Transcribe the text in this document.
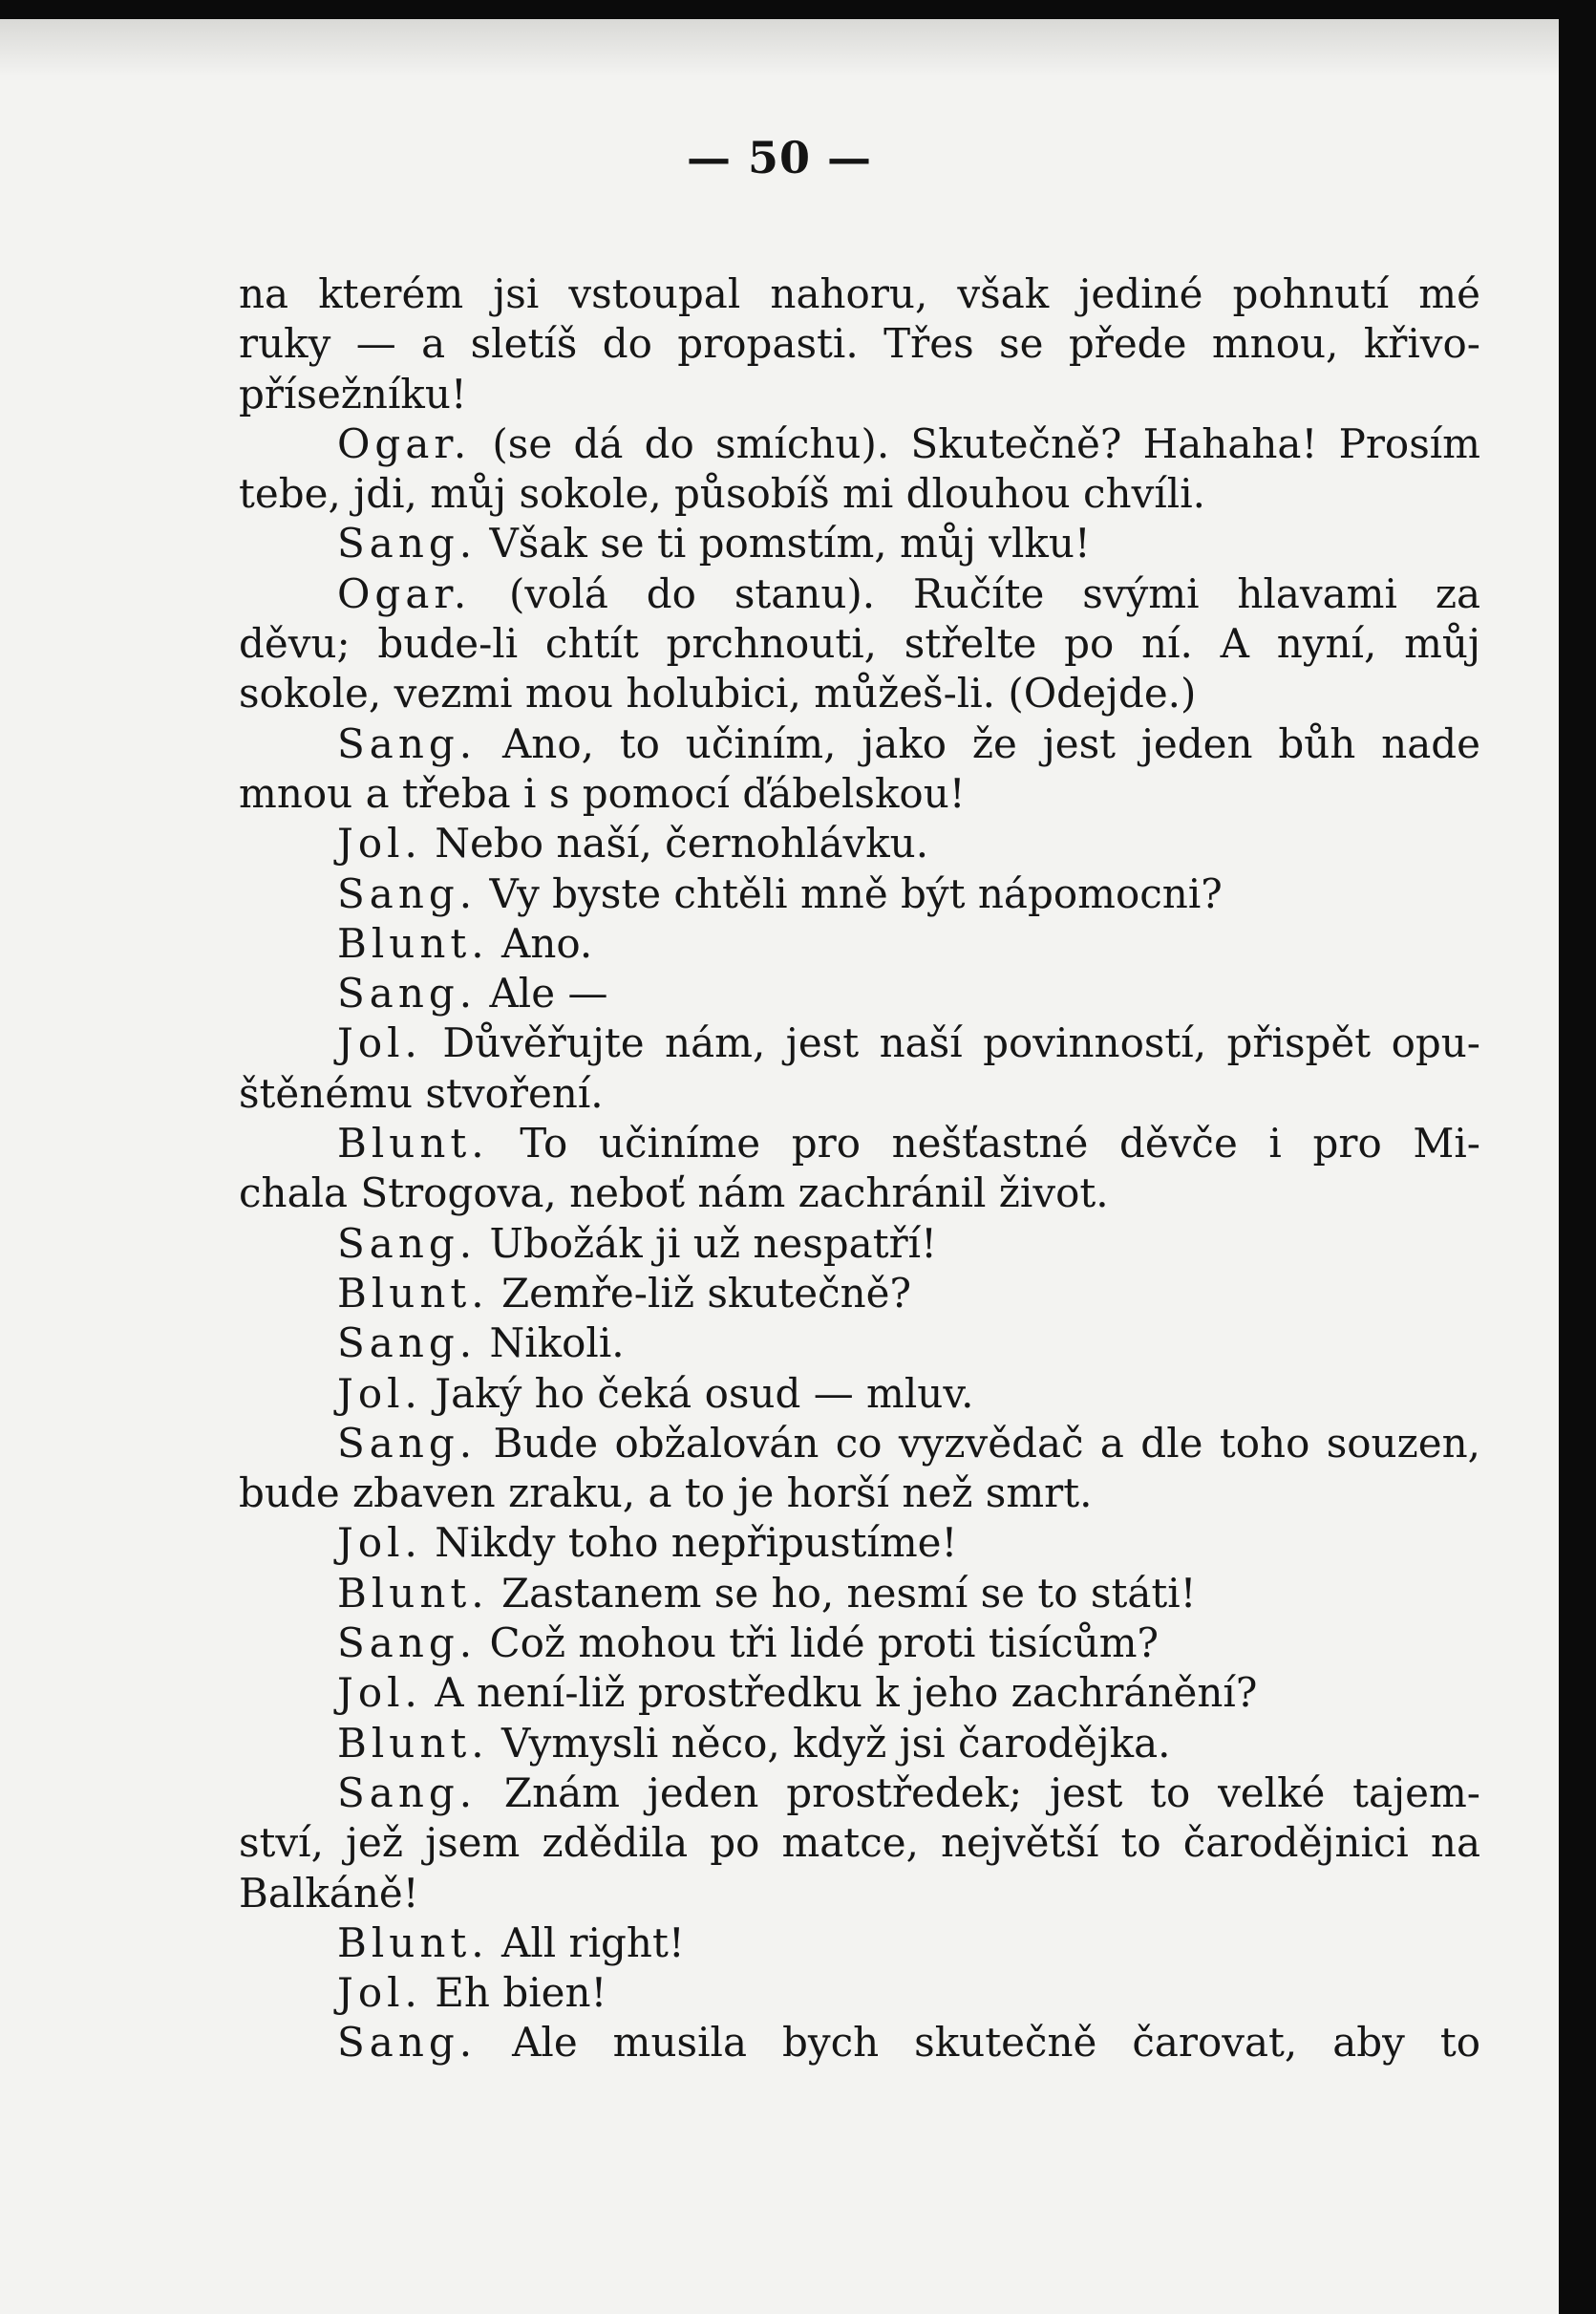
— 50 —
na kterém jsi vstoupal nahoru, však jediné pohnutí mé
ruky — a sletíš do propasti. Třes se přede mnou, křivo-
přísežníku!
Ogar. (se dá do smíchu). Skutečně? Hahaha! Prosím
tebe, jdi, můj sokole, působíš mi dlouhou chvíli.
Sang. Však se ti pomstím, můj vlku!
Ogar. (volá do stanu). Ručíte svými hlavami za
děvu; bude-li chtít prchnouti, střelte po ní. A nyní, můj
sokole, vezmi mou holubici, můžeš-li. (Odejde.)
Sang. Ano, to učiním, jako že jest jeden bůh nade
mnou a třeba i s pomocí ďábelskou!
Jol. Nebo naší, černohlávku.
Sang. Vy byste chtěli mně být nápomocni?
Blunt. Ano.
Sang. Ale —
Jol. Důvěřujte nám, jest naší povinností, přispět opu-
štěnému stvoření.
Blunt. To učiníme pro nešťastné děvče i pro Mi-
chala Strogova, neboť nám zachránil život.
Sang. Ubožák ji už nespatří!
Blunt. Zemře-liž skutečně?
Sang. Nikoli.
Jol. Jaký ho čeká osud — mluv.
Sang. Bude obžalován co vyzvědač a dle toho souzen,
bude zbaven zraku, a to je horší než smrt.
Jol. Nikdy toho nepřipustíme!
Blunt. Zastanem se ho, nesmí se to státi!
Sang. Což mohou tři lidé proti tisícům?
Jol. A není-liž prostředku k jeho zachránění?
Blunt. Vymysli něco, když jsi čarodějka.
Sang. Znám jeden prostředek; jest to velké tajem-
ství, jež jsem zdědila po matce, největší to čarodějnici na
Balkáně!
Blunt. All right!
Jol. Eh bien!
Sang. Ale musila bych skutečně čarovat, aby to
